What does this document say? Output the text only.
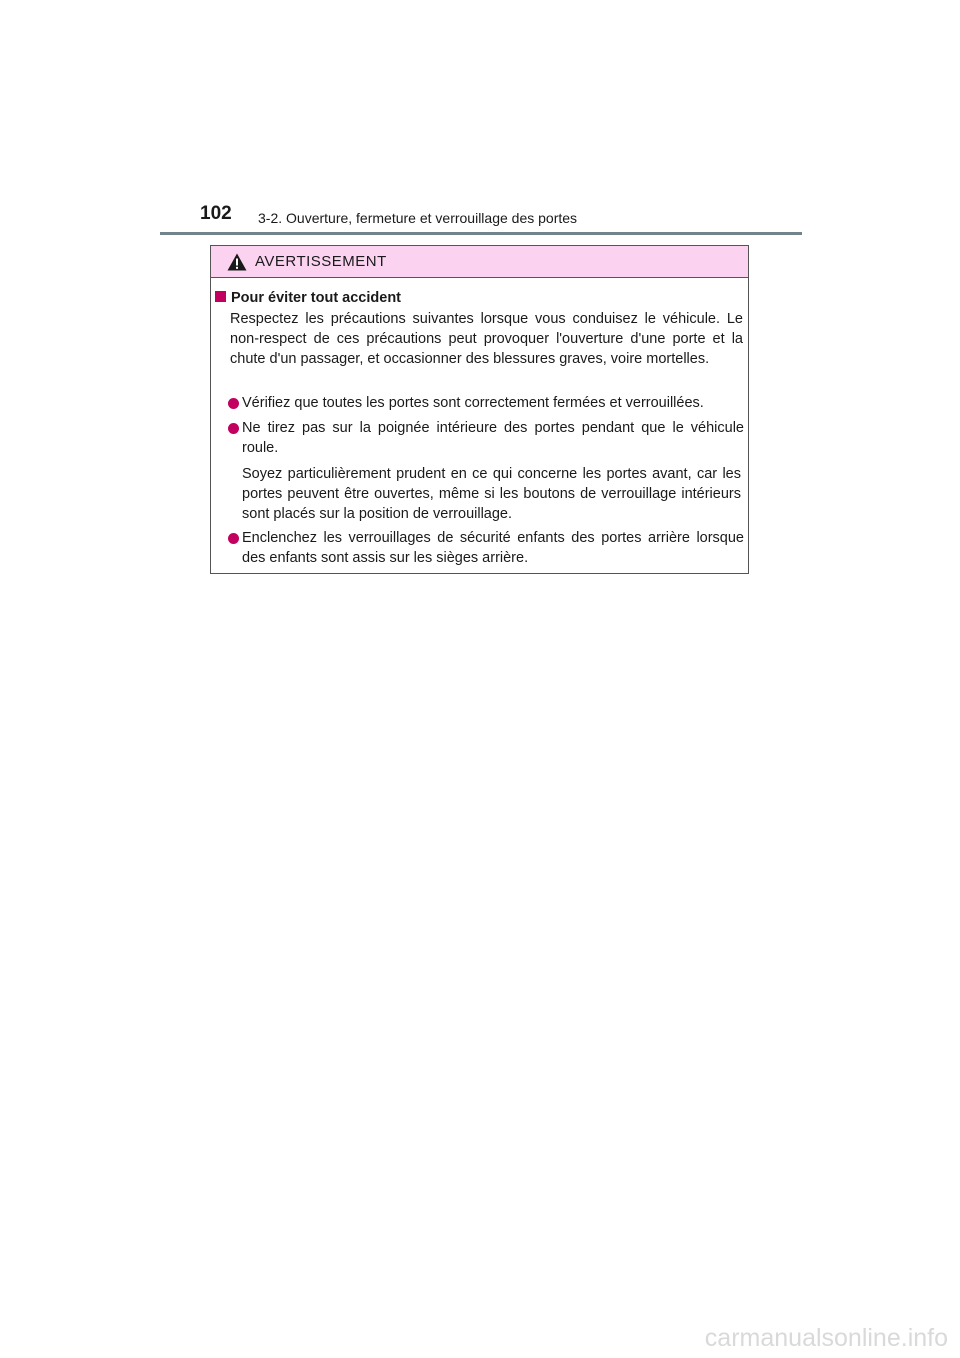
102 3-2. Ouverture, fermeture et verrouillage des portes
AVERTISSEMENT
Pour éviter tout accident
Respectez les précautions suivantes lorsque vous conduisez le véhicule. Le non-respect de ces précautions peut provoquer l'ouverture d'une porte et la chute d'un passager, et occasionner des blessures graves, voire mortelles.
Vérifiez que toutes les portes sont correctement fermées et verrouillées.
Ne tirez pas sur la poignée intérieure des portes pendant que le véhicule roule.
Soyez particulièrement prudent en ce qui concerne les portes avant, car les portes peuvent être ouvertes, même si les boutons de verrouillage intérieurs sont placés sur la position de verrouillage.
Enclenchez les verrouillages de sécurité enfants des portes arrière lorsque des enfants sont assis sur les sièges arrière.
carmanualsonline.info
